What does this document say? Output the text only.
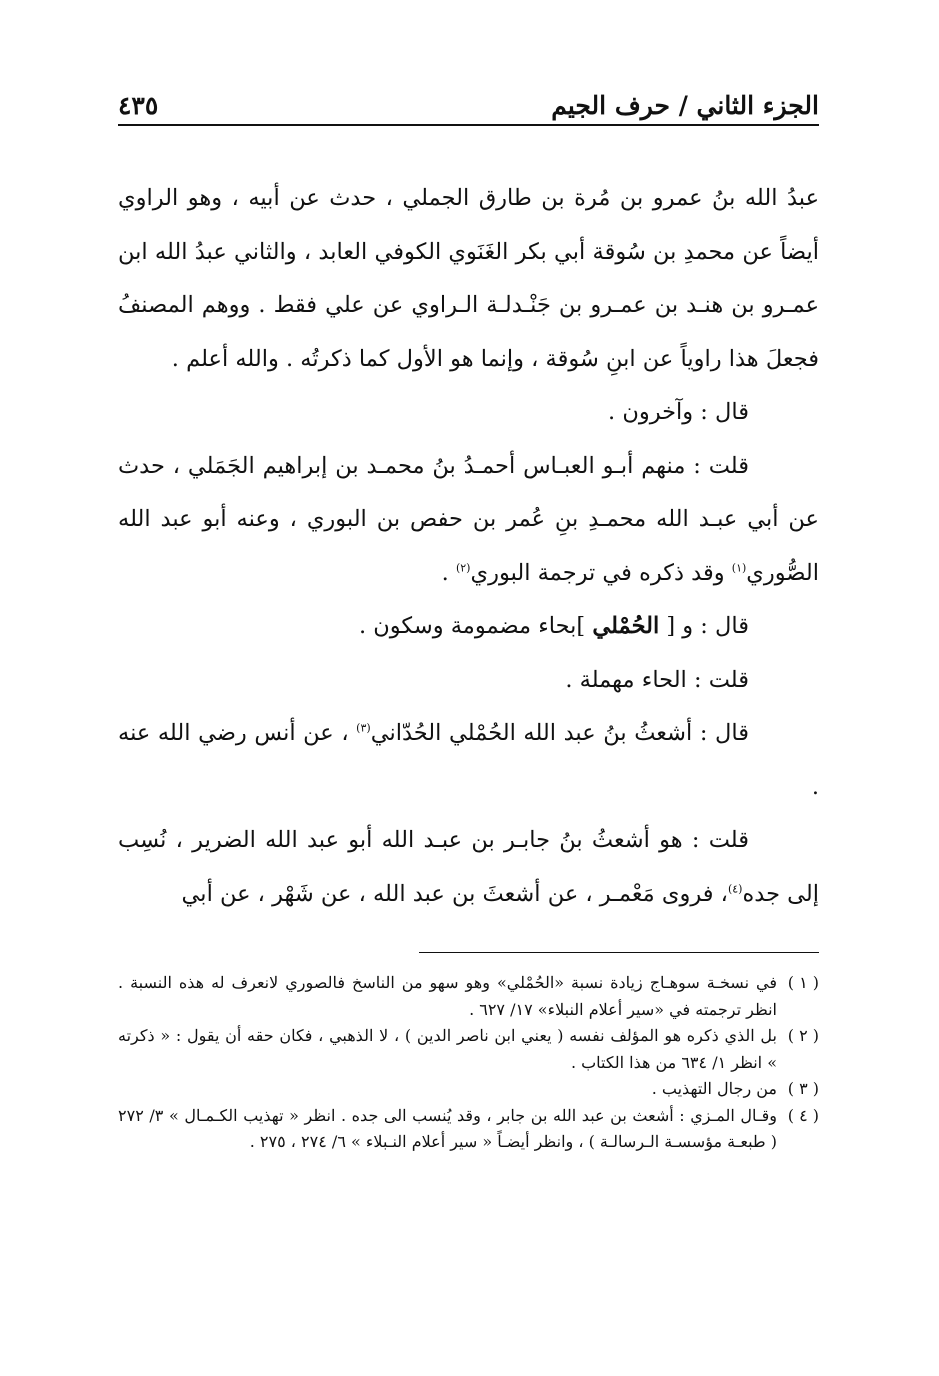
الجزء الثاني / حرف الجيم
٤٣٥

عبدُ الله بنُ عمرو بن مُرة بن طارق الجملي ، حدث عن أبيه ، وهو الراوي أيضاً عن محمدِ بن سُوقة أبي بكر الغَنَوي الكوفي العابد ، والثاني عبدُ الله ابن عمـرو بن هنـد بن عمـرو بن جَنْـدلـة الـراوي عن علي فقط . ووهم المصنفُ فجعلَ هذا راوياً عن ابنِ سُوقة ، وإنما هو الأول كما ذكرتُه . والله أعلم .

قال : وآخرون .

قلت : منهم أبـو العبـاس أحمـدُ بنُ محمـد بن إبراهيم الجَمَلي ، حدث عن أبي عبـد الله محمـدِ بنِ عُمر بن حفص بن البوري ، وعنه أبو عبد الله الصُّوري$^{(١)}$ وقد ذكره في ترجمة البوري$^{(٢)}$ .

قال : و [ الحُمْلي ]بحاء مضمومة وسكون .

قلت : الحاء مهملة .

قال : أشعثُ بنُ عبد الله الحُمْلي الحُدّاني$^{(٣)}$ ، عن أنس رضي الله عنه .

قلت : هو أشعثُ بنُ جابـر بن عبـد الله أبو عبد الله الضرير ، نُسِب إلى جده$^{(٤)}$، فروى مَعْمـر ، عن أشعثَ بن عبد الله ، عن شَهْر ، عن أبي

( ١ )
في نسخـة سوهـاج زيادة نسبة «الحُمْلي» وهو سهو من الناسخ فالصوري لانعرف له هذه النسبة . انظر ترجمته في «سير أعلام النبلاء» ١٧/ ٦٢٧ .

( ٢ )
بل الذي ذكره هو المؤلف نفسه ( يعني ابن ناصر الدين ) ، لا الذهبي ، فكان حقه أن يقول : « ذكرته » انظر ١/ ٦٣٤ من هذا الكتاب .

( ٣ )
من رجال التهذيب .

( ٤ )
وقـال المـزي : أشعث بن عبد الله بن جابر ، وقد يُنسب الى جده . انظر « تهذيب الكـمـال » ٣/ ٢٧٢ ( طبعـة مؤسسـة الـرسالـة ) ، وانظر أيضـاً « سير أعلام النـبلاء » ٦/ ٢٧٤ ، ٢٧٥ .
